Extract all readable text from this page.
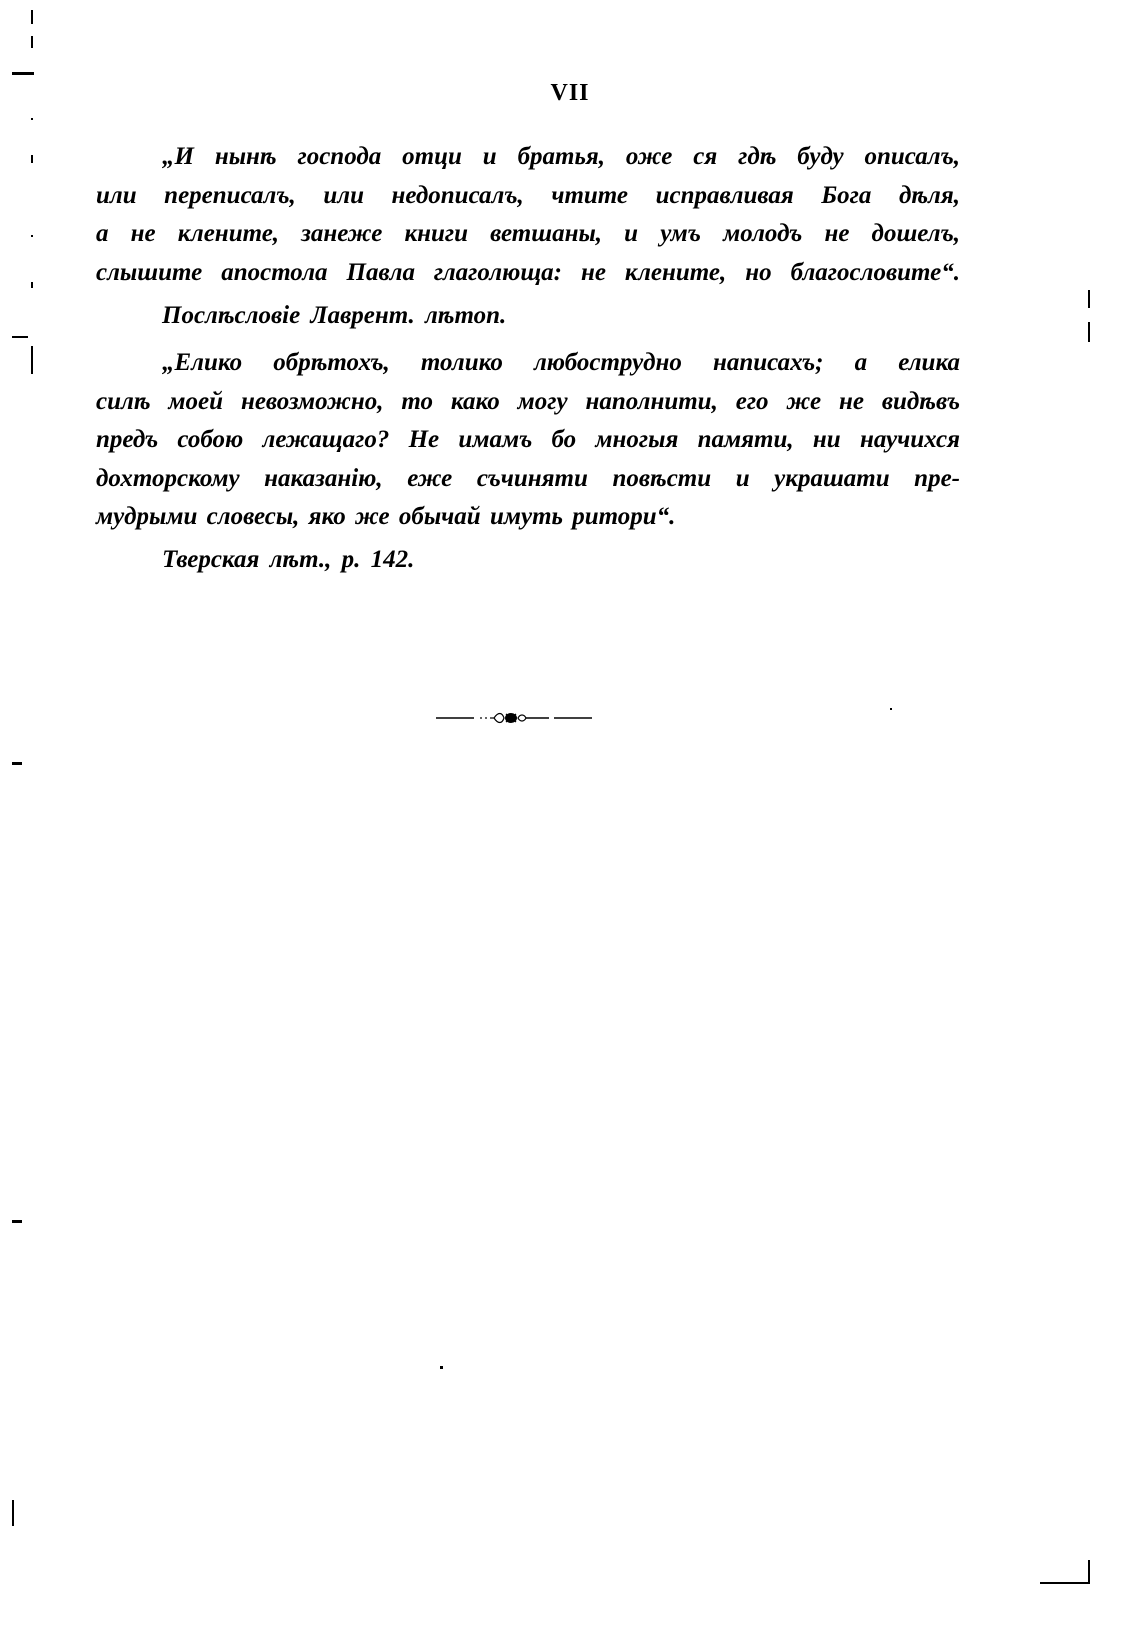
VII
„И нынѣ господа отци и братья, оже ся гдѣ буду описалъ,
или переписалъ, или недописалъ, чтите исправливая Бога дѣля,
а не клените, занеже книги ветшаны, и умъ молодъ не дошелъ,
слышите апостола Павла глаголюща: не клените, но благословите“.
Послѣсловіе Лаврент. лѣтоп.
„Елико обрѣтохъ, толико любострудно написахъ; а елика
силѣ моей невозможно, то како могу наполнити, его же не видѣвъ
предъ собою лежащаго? Не имамъ бо многыя памяти, ни научихся
дохторскому наказанію, еже съчиняти повѣсти и украшати пре-
мудрыми словесы, яко же обычай имуть ритори“.
Тверская лѣт., р. 142.
